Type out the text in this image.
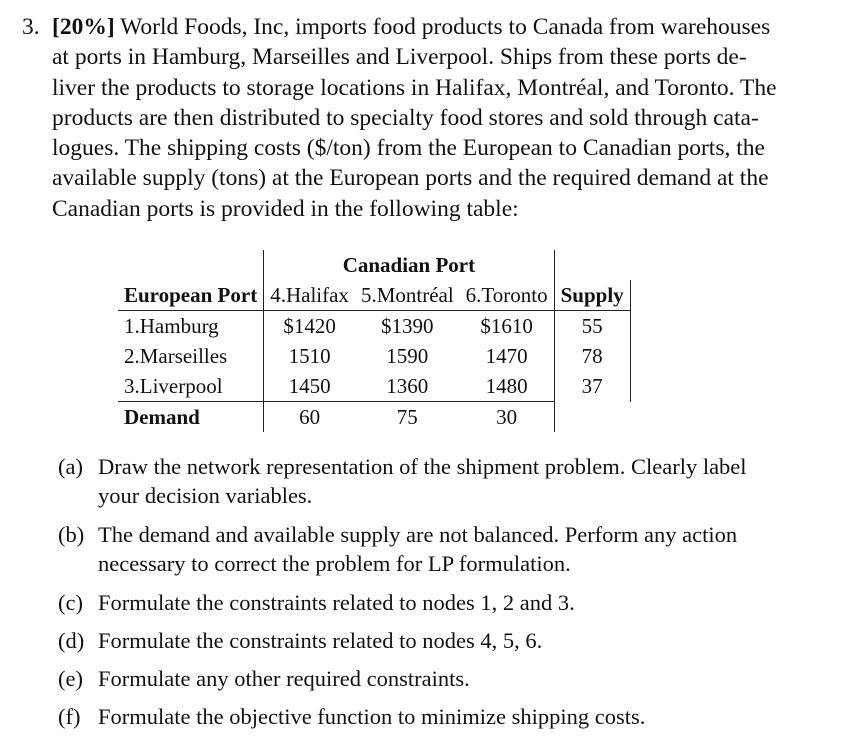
3. [20%] World Foods, Inc, imports food products to Canada from warehouses
at ports in Hamburg, Marseilles and Liverpool. Ships from these ports de-
liver the products to storage locations in Halifax, Montréal, and Toronto. The
products are then distributed to specialty food stores and sold through cata-
logues. The shipping costs ($/ton) from the European to Canadian ports, the
available supply (tons) at the European ports and the required demand at the
Canadian ports is provided in the following table:
	Canadian Port			
European Port	4.Halifax	5.Montréal	6.Toronto	Supply
1.Hamburg	$1420	$1390	$1610	55
2.Marseilles	1510	1590	1470	78
3.Liverpool	1450	1360	1480	37
Demand	60	75	30	
(a) Draw the network representation of the shipment problem. Clearly label
your decision variables.
(b) The demand and available supply are not balanced. Perform any action
necessary to correct the problem for LP formulation.
(c) Formulate the constraints related to nodes 1, 2 and 3.
(d) Formulate the constraints related to nodes 4, 5, 6.
(e) Formulate any other required constraints.
(f) Formulate the objective function to minimize shipping costs.
